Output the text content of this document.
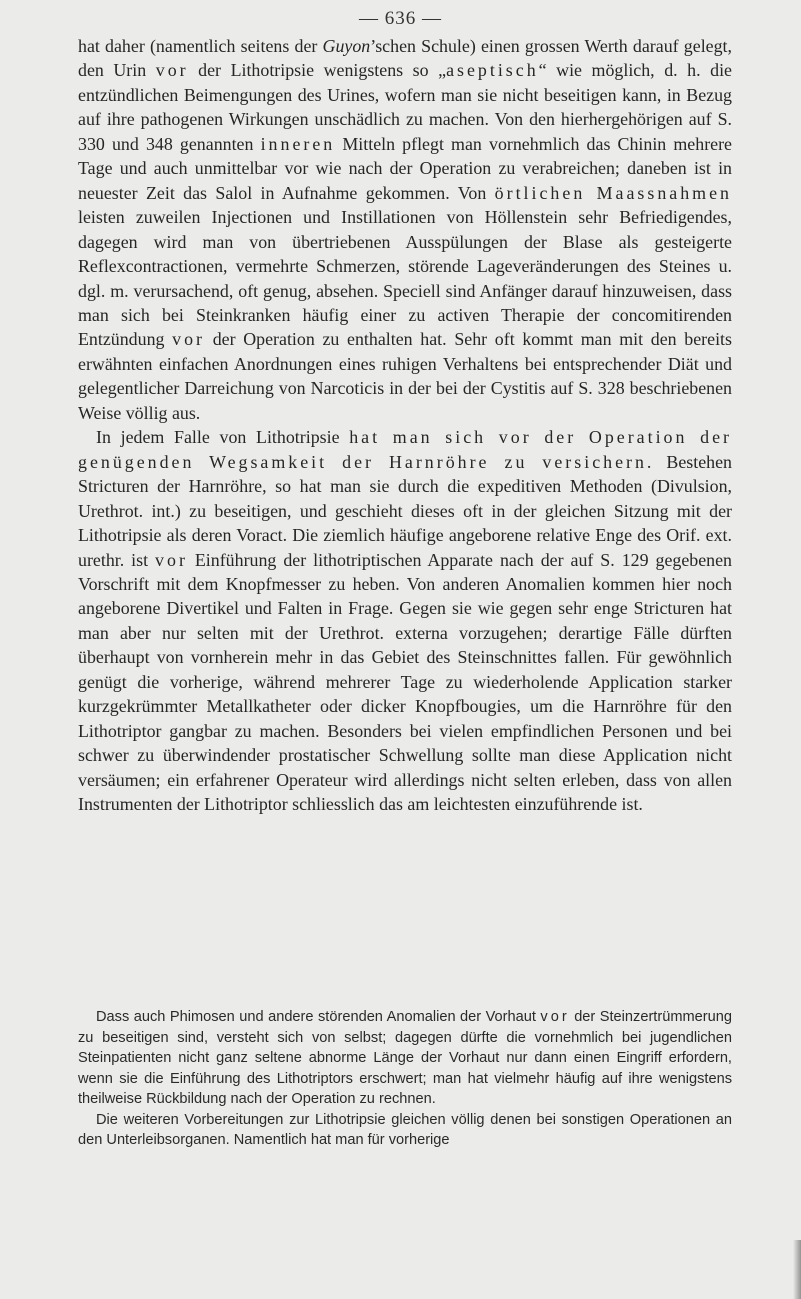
— 636 —

hat daher (namentlich seitens der Guyon’schen Schule) einen grossen Werth darauf gelegt, den Urin vor der Lithotripsie wenigstens so „aseptisch“ wie möglich, d. h. die entzündlichen Beimengungen des Urines, wofern man sie nicht beseitigen kann, in Bezug auf ihre pathogenen Wirkungen unschädlich zu machen. Von den hierhergehörigen auf S. 330 und 348 genannten inneren Mitteln pflegt man vornehmlich das Chinin mehrere Tage und auch unmittelbar vor wie nach der Operation zu verabreichen; daneben ist in neuester Zeit das Salol in Aufnahme gekommen. Von örtlichen Maassnahmen leisten zuweilen Injectionen und Instillationen von Höllenstein sehr Befriedigendes, dagegen wird man von übertriebenen Ausspülungen der Blase als gesteigerte Reflexcontractionen, vermehrte Schmerzen, störende Lageveränderungen des Steines u. dgl. m. verursachend, oft genug, absehen. Speciell sind Anfänger darauf hinzuweisen, dass man sich bei Steinkranken häufig einer zu activen Therapie der concomitirenden Entzündung vor der Operation zu enthalten hat. Sehr oft kommt man mit den bereits erwähnten einfachen Anordnungen eines ruhigen Verhaltens bei entsprechender Diät und gelegentlicher Darreichung von Narcoticis in der bei der Cystitis auf S. 328 beschriebenen Weise völlig aus.

In jedem Falle von Lithotripsie hat man sich vor der Operation der genügenden Wegsamkeit der Harnröhre zu versichern. Bestehen Stricturen der Harnröhre, so hat man sie durch die expeditiven Methoden (Divulsion, Urethrot. int.) zu beseitigen, und geschieht dieses oft in der gleichen Sitzung mit der Lithotripsie als deren Voract. Die ziemlich häufige angeborene relative Enge des Orif. ext. urethr. ist vor Einführung der lithotriptischen Apparate nach der auf S. 129 gegebenen Vorschrift mit dem Knopfmesser zu heben. Von anderen Anomalien kommen hier noch angeborene Divertikel und Falten in Frage. Gegen sie wie gegen sehr enge Stricturen hat man aber nur selten mit der Urethrot. externa vorzugehen; derartige Fälle dürften überhaupt von vornherein mehr in das Gebiet des Steinschnittes fallen. Für gewöhnlich genügt die vorherige, während mehrerer Tage zu wiederholende Application starker kurzgekrümmter Metallkatheter oder dicker Knopfbougies, um die Harnröhre für den Lithotriptor gangbar zu machen. Besonders bei vielen empfindlichen Personen und bei schwer zu überwindender prostatischer Schwellung sollte man diese Application nicht versäumen; ein erfahrener Operateur wird allerdings nicht selten erleben, dass von allen Instrumenten der Lithotriptor schliesslich das am leichtesten einzuführende ist.

Dass auch Phimosen und andere störenden Anomalien der Vorhaut vor der Steinzertrümmerung zu beseitigen sind, versteht sich von selbst; dagegen dürfte die vornehmlich bei jugendlichen Steinpatienten nicht ganz seltene abnorme Länge der Vorhaut nur dann einen Eingriff erfordern, wenn sie die Einführung des Lithotriptors erschwert; man hat vielmehr häufig auf ihre wenigstens theilweise Rückbildung nach der Operation zu rechnen.

Die weiteren Vorbereitungen zur Lithotripsie gleichen völlig denen bei sonstigen Operationen an den Unterleibsorganen. Namentlich hat man für vorherige
